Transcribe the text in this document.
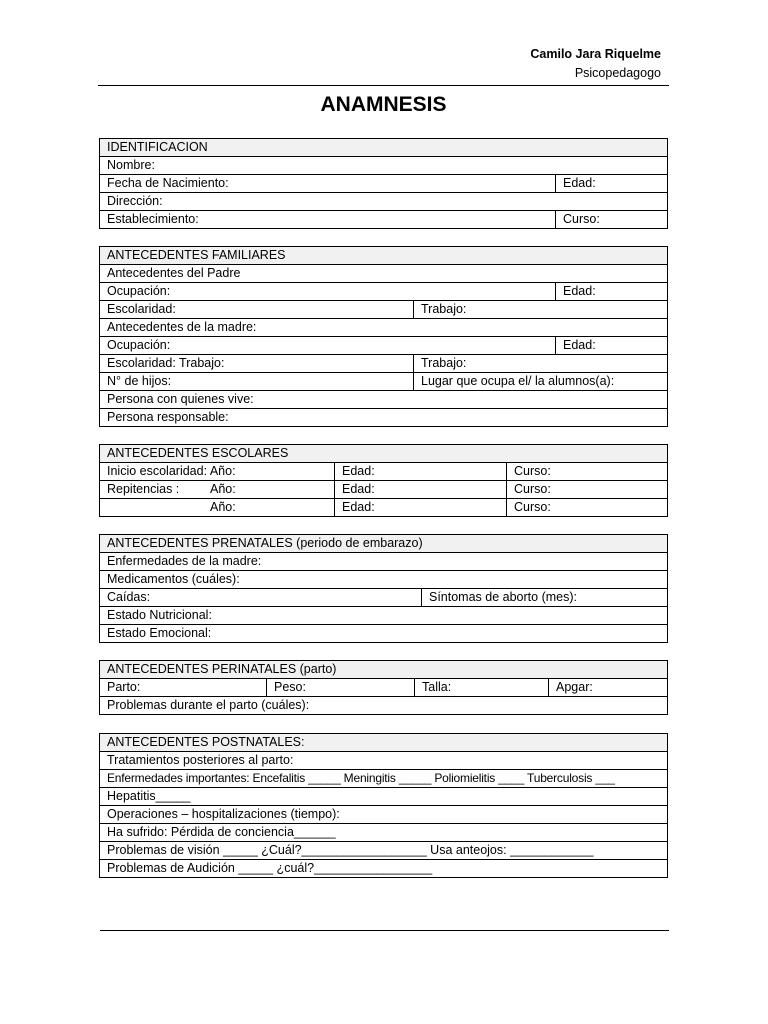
Camilo Jara Riquelme
Psicopedagogo
ANAMNESIS
IDENTIFICACION
Nombre:
Fecha de Nacimiento:	Edad:
Dirección:
Establecimiento:	Curso:
ANTECEDENTES FAMILIARES
Antecedentes del Padre
Ocupación:	Edad:
Escolaridad:	Trabajo:
Antecedentes de la madre:
Ocupación:	Edad:
Escolaridad: Trabajo:	Trabajo:
N° de hijos:	Lugar que ocupa el/ la alumnos(a):
Persona con quienes vive:
Persona responsable:
ANTECEDENTES ESCOLARES
Inicio escolaridad: Año:	Edad:	Curso:
Repitencias : Año:	Edad:	Curso:
Año:	Edad:	Curso:
ANTECEDENTES PRENATALES (periodo de embarazo)
Enfermedades de la madre:
Medicamentos (cuáles):
Caídas:	Síntomas de aborto (mes):
Estado Nutricional:
Estado Emocional:
ANTECEDENTES PERINATALES (parto)
Parto:	Peso:	Talla:	Apgar:
Problemas durante el parto (cuáles):
ANTECEDENTES POSTNATALES:
Tratamientos posteriores al parto:
Enfermedades importantes: Encefalitis _____ Meningitis _____ Poliomielitis ____ Tuberculosis ___
Hepatitis_____
Operaciones – hospitalizaciones (tiempo):
Ha sufrido: Pérdida de conciencia______
Problemas de visión _____ ¿Cuál?__________________ Usa anteojos: ____________
Problemas de Audición _____ ¿cuál?_________________
